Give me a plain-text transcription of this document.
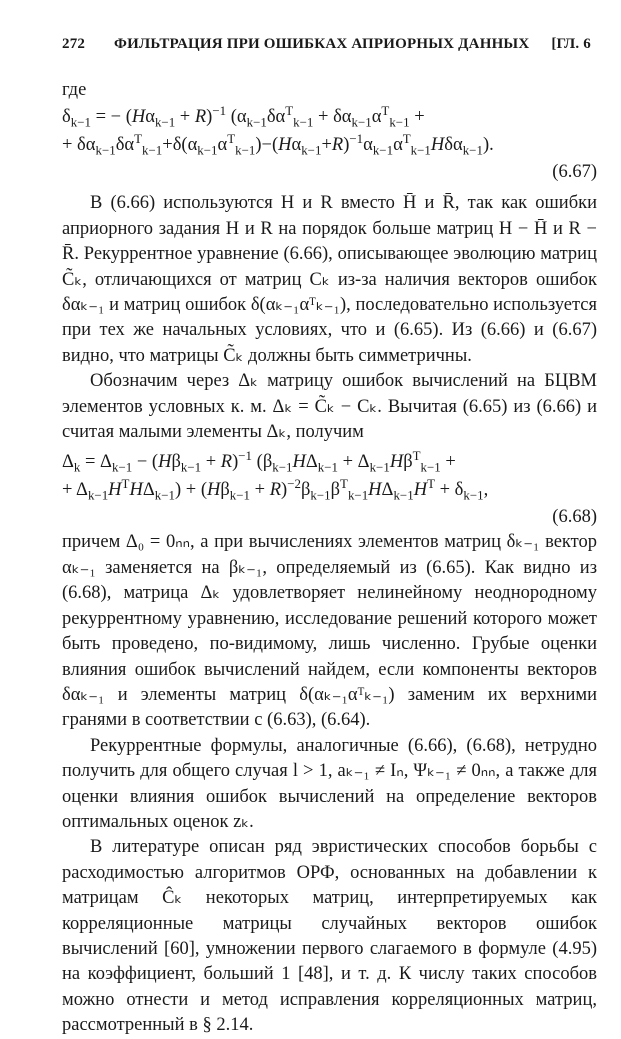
272 ФИЛЬТРАЦИЯ ПРИ ОШИБКАХ АПРИОРНЫХ ДАННЫХ [ГЛ. 6
где
$\delta_{k-1}$ = − $(H\alpha_{k-1} + R)^{-1}$ ($\alpha_{k-1}\delta\alpha^T_{k-1} + \delta\alpha_{k-1}\alpha^T_{k-1}$ +
+ $\delta\alpha_{k-1}\delta\alpha^T_{k-1}+\delta(\alpha_{k-1}\alpha^T_{k-1})-(H\alpha_{k-1}+R)^{-1}\alpha_{k-1}\alpha^T_{k-1}H\delta\alpha_{k-1}$).
(6.67)

В (6.66) используются H и R вместо H̄ и R̄, так как ошибки априорного задания H и R на порядок больше матриц H − H̄ и R − R̄. Рекуррентное уравнение (6.66), описывающее эволюцию матриц C̃ₖ, отличающихся от матриц Cₖ из-за наличия векторов ошибок δαₖ₋₁ и матриц ошибок δ(αₖ₋₁αᵀₖ₋₁), последовательно используется при тех же начальных условиях, что и (6.65). Из (6.66) и (6.67) видно, что матрицы C̃ₖ должны быть симметричны.

Обозначим через Δₖ матрицу ошибок вычислений на БЦВМ элементов условных к. м. Δₖ = C̃ₖ − Cₖ. Вычитая (6.65) из (6.66) и считая малыми элементы Δₖ, получим

$\Delta_k = \Delta_{k-1} - (H\beta_{k-1} + R)^{-1}$ ($\beta_{k-1}H\Delta_{k-1} + \Delta_{k-1}H\beta^T_{k-1}$ +
+ $\Delta_{k-1}H^TH\Delta_{k-1}) + (H\beta_{k-1} + R)^{-2}\beta_{k-1}\beta^T_{k-1}H\Delta_{k-1}H^T + \delta_{k-1}$,
(6.68)

причем Δ₀ = 0ₙₙ, а при вычислениях элементов матриц δₖ₋₁ вектор αₖ₋₁ заменяется на βₖ₋₁, определяемый из (6.65). Как видно из (6.68), матрица Δₖ удовлетворяет нелинейному неоднородному рекуррентному уравнению, исследование решений которого может быть проведено, по-видимому, лишь численно. Грубые оценки влияния ошибок вычислений найдем, если компоненты векторов δαₖ₋₁ и элементы матриц δ(αₖ₋₁αᵀₖ₋₁) заменим их верхними гранями в соответствии с (6.63), (6.64).

Рекуррентные формулы, аналогичные (6.66), (6.68), нетрудно получить для общего случая l > 1, aₖ₋₁ ≠ Iₙ, Ψₖ₋₁ ≠ 0ₙₙ, а также для оценки влияния ошибок вычислений на определение векторов оптимальных оценок zₖ.

В литературе описан ряд эвристических способов борьбы с расходимостью алгоритмов ОРФ, основанных на добавлении к матрицам Ĉₖ некоторых матриц, интерпретируемых как корреляционные матрицы случайных векторов ошибок вычислений [60], умножении первого слагаемого в формуле (4.95) на коэффициент, больший 1 [48], и т. д. К числу таких способов можно отнести и метод исправления корреляционных матриц, рассмотренный в § 2.14.
